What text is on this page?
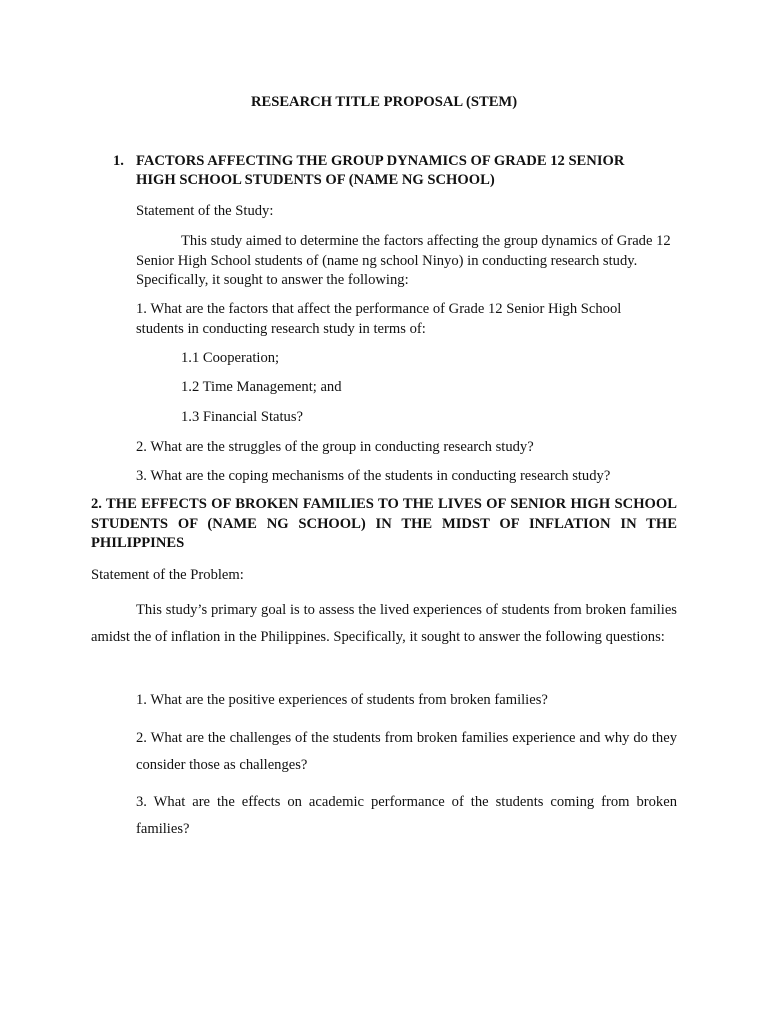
RESEARCH TITLE PROPOSAL (STEM)
1. FACTORS AFFECTING THE GROUP DYNAMICS OF GRADE 12 SENIOR HIGH SCHOOL STUDENTS OF (NAME NG SCHOOL)
Statement of the Study:
This study aimed to determine the factors affecting the group dynamics of Grade 12 Senior High School students of (name ng school Ninyo) in conducting research study. Specifically, it sought to answer the following:
1. What are the factors that affect the performance of Grade 12 Senior High School students in conducting research study in terms of:
1.1 Cooperation;
1.2 Time Management; and
1.3 Financial Status?
2. What are the struggles of the group in conducting research study?
3. What are the coping mechanisms of the students in conducting research study?
2. THE EFFECTS OF BROKEN FAMILIES TO THE LIVES OF SENIOR HIGH SCHOOL STUDENTS OF (NAME NG SCHOOL) IN THE MIDST OF INFLATION IN THE PHILIPPINES
Statement of the Problem:
This study’s primary goal is to assess the lived experiences of students from broken families amidst the of inflation in the Philippines. Specifically, it sought to answer the following questions:
1. What are the positive experiences of students from broken families?
2. What are the challenges of the students from broken families experience and why do they consider those as challenges?
3. What are the effects on academic performance of the students coming from broken families?
